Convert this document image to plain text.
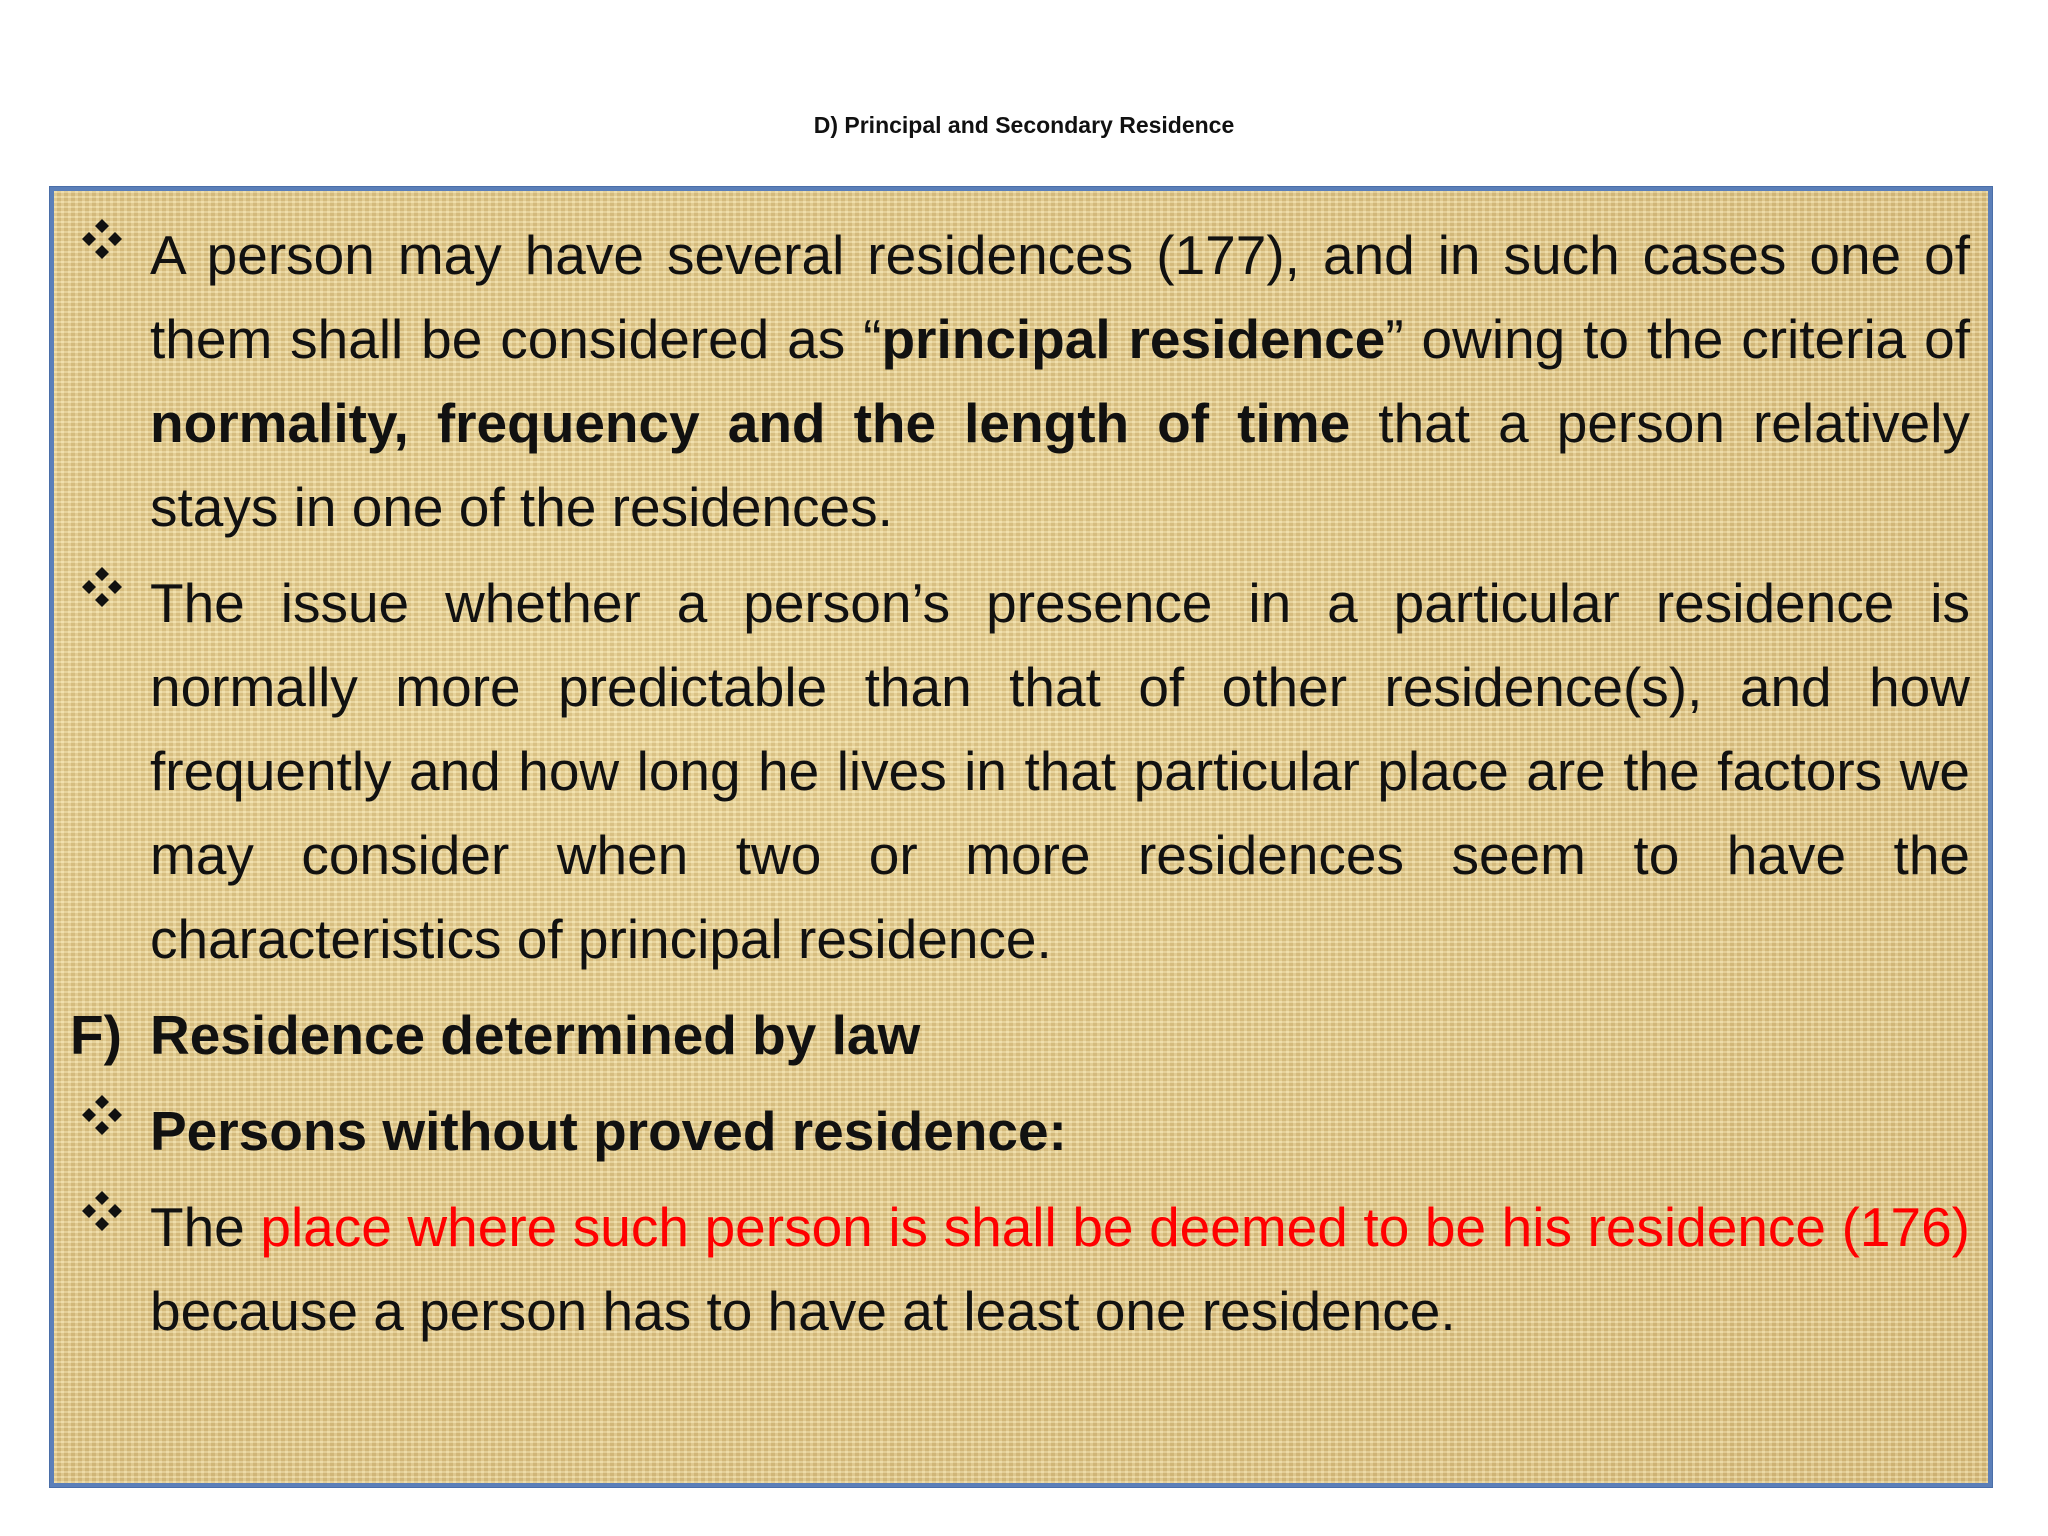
D) Principal and Secondary Residence
A person may have several residences (177), and in such cases one of them shall be considered as “principal residence” owing to the criteria of normality, frequency and the length of time that a person relatively stays in one of the residences.
The issue whether a person’s presence in a particular residence is normally more predictable than that of other residence(s), and how frequently and how long he lives in that particular place are the factors we may consider when two or more residences seem to have the characteristics of principal residence.
F) Residence determined by law
Persons without proved residence:
The place where such person is shall be deemed to be his residence (176) because a person has to have at least one residence.
